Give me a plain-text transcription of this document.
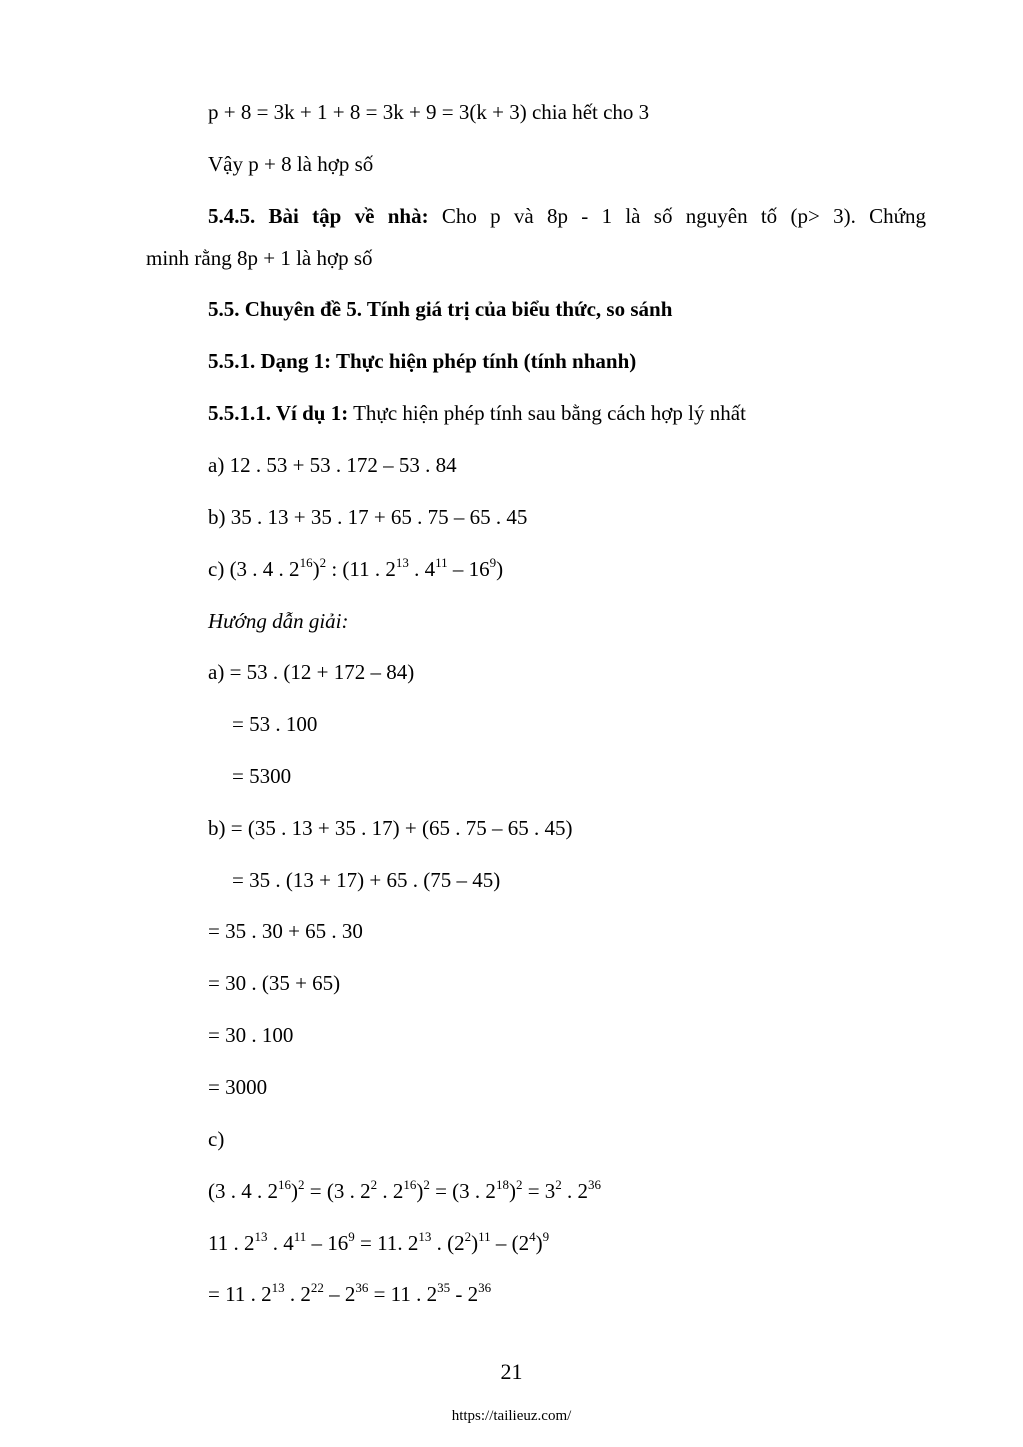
p + 8 = 3k + 1 + 8 = 3k + 9 = 3(k + 3) chia hết cho 3
Vậy p + 8 là hợp số
5.4.5. Bài tập về nhà: Cho p và 8p - 1 là số nguyên tố (p> 3). Chứng
minh rằng 8p + 1 là hợp số
5.5. Chuyên đề 5. Tính giá trị của biểu thức, so sánh
5.5.1. Dạng 1: Thực hiện phép tính (tính nhanh)
5.5.1.1. Ví dụ 1: Thực hiện phép tính sau bằng cách hợp lý nhất
a) 12 . 53 + 53 . 172 – 53 . 84
b) 35 . 13 + 35 . 17 + 65 . 75 – 65 . 45
c) (3 . 4 . $2^{16})^2$ : (11 . $2^{13}$ . $4^{11} - 16^9$)
Hướng dẫn giải:
a) = 53 . (12 + 172 – 84)
= 53 . 100
= 5300
b) = (35 . 13 + 35 . 17) + (65 . 75 – 65 . 45)
= 35 . (13 + 17) + 65 . (75 – 45)
= 35 . 30 + 65 . 30
= 30 . (35 + 65)
= 30 . 100
= 3000
c)
(3 . 4 . $2^{16})^2 = (3$ . $2^2$ . $2^{16})^2 = (3$ . $2^{18})^2 = 3^2$ . $2^{36}$
11 . $2^{13}$ . $4^{11} - 16^9 = 11$. $2^{13}$ . $(2^2)^{11} - (2^4)^9$
= 11 . $2^{13}$ . $2^{22} - 2^{36} = 11$ . $2^{35} - 2^{36}$
21
https://tailieuz.com/
